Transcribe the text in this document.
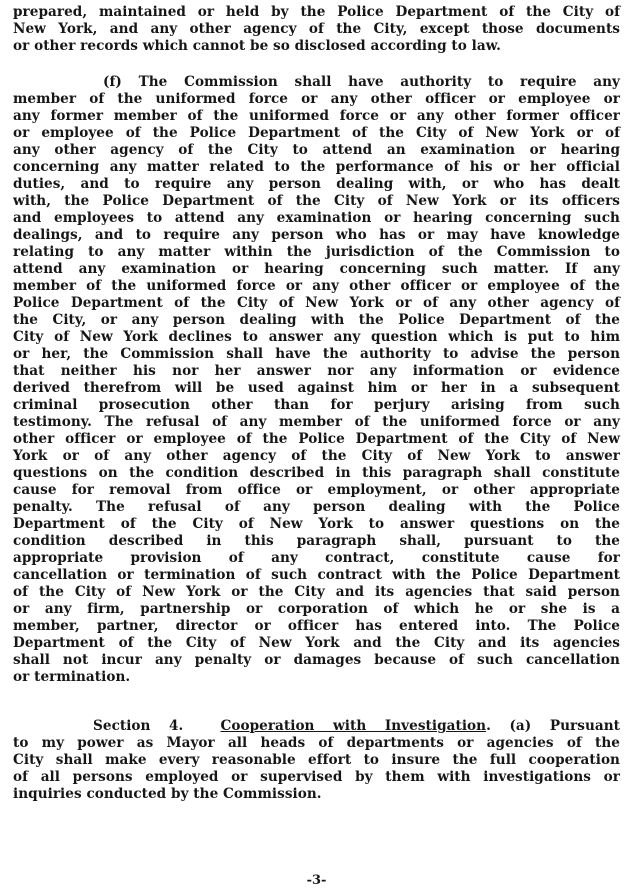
prepared, maintained or held by the Police Department of the City of
New York, and any other agency of the City, except those documents
or other records which cannot be so disclosed according to law.
(f) The Commission shall have authority to require any
member of the uniformed force or any other officer or employee or
any former member of the uniformed force or any other former officer
or employee of the Police Department of the City of New York or of
any other agency of the City to attend an examination or hearing
concerning any matter related to the performance of his or her official
duties, and to require any person dealing with, or who has dealt
with, the Police Department of the City of New York or its officers
and employees to attend any examination or hearing concerning such
dealings, and to require any person who has or may have knowledge
relating to any matter within the jurisdiction of the Commission to
attend any examination or hearing concerning such matter. If any
member of the uniformed force or any other officer or employee of the
Police Department of the City of New York or of any other agency of
the City, or any person dealing with the Police Department of the
City of New York declines to answer any question which is put to him
or her, the Commission shall have the authority to advise the person
that neither his nor her answer nor any information or evidence
derived therefrom will be used against him or her in a subsequent
criminal prosecution other than for perjury arising from such
testimony. The refusal of any member of the uniformed force or any
other officer or employee of the Police Department of the City of New
York or of any other agency of the City of New York to answer
questions on the condition described in this paragraph shall constitute
cause for removal from office or employment, or other appropriate
penalty. The refusal of any person dealing with the Police
Department of the City of New York to answer questions on the
condition described in this paragraph shall, pursuant to the
appropriate provision of any contract, constitute cause for
cancellation or termination of such contract with the Police Department
of the City of New York or the City and its agencies that said person
or any firm, partnership or corporation of which he or she is a
member, partner, director or officer has entered into. The Police
Department of the City of New York and the City and its agencies
shall not incur any penalty or damages because of such cancellation
or termination.
Section 4.	Cooperation with Investigation. (a) Pursuant
to my power as Mayor all heads of departments or agencies of the
City shall make every reasonable effort to insure the full cooperation
of all persons employed or supervised by them with investigations or
inquiries conducted by the Commission.
-3-
